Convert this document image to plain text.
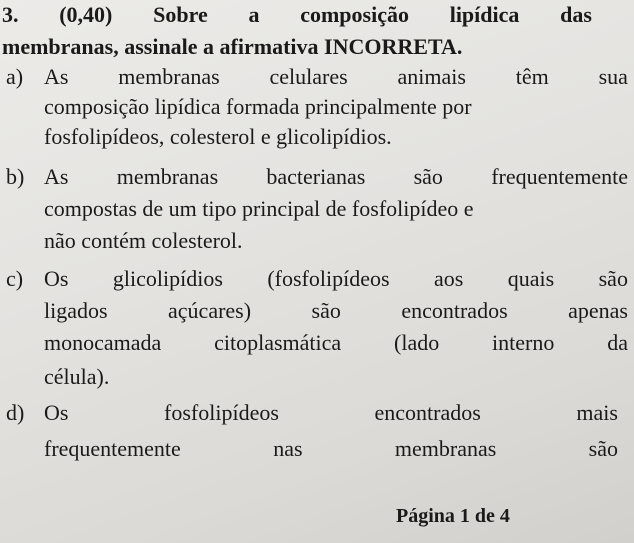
3. (0,40) Sobre a composição lipídica das
membranas, assinale a afirmativa INCORRETA.
a) As membranas celulares animais têm sua
composição lipídica formada principalmente por
fosfolipídeos, colesterol e glicolipídios.
b) As membranas bacterianas são frequentemente
compostas de um tipo principal de fosfolipídeo e
não contém colesterol.
c) Os glicolipídios (fosfolipídeos aos quais são
ligados	açúcares)	são	encontrados	apenas
monocamada citoplasmática (lado interno da
célula).
d) Os	fosfolipídeos	encontrados	mais
frequentemente	nas	membranas	são
Página 1 de 4
